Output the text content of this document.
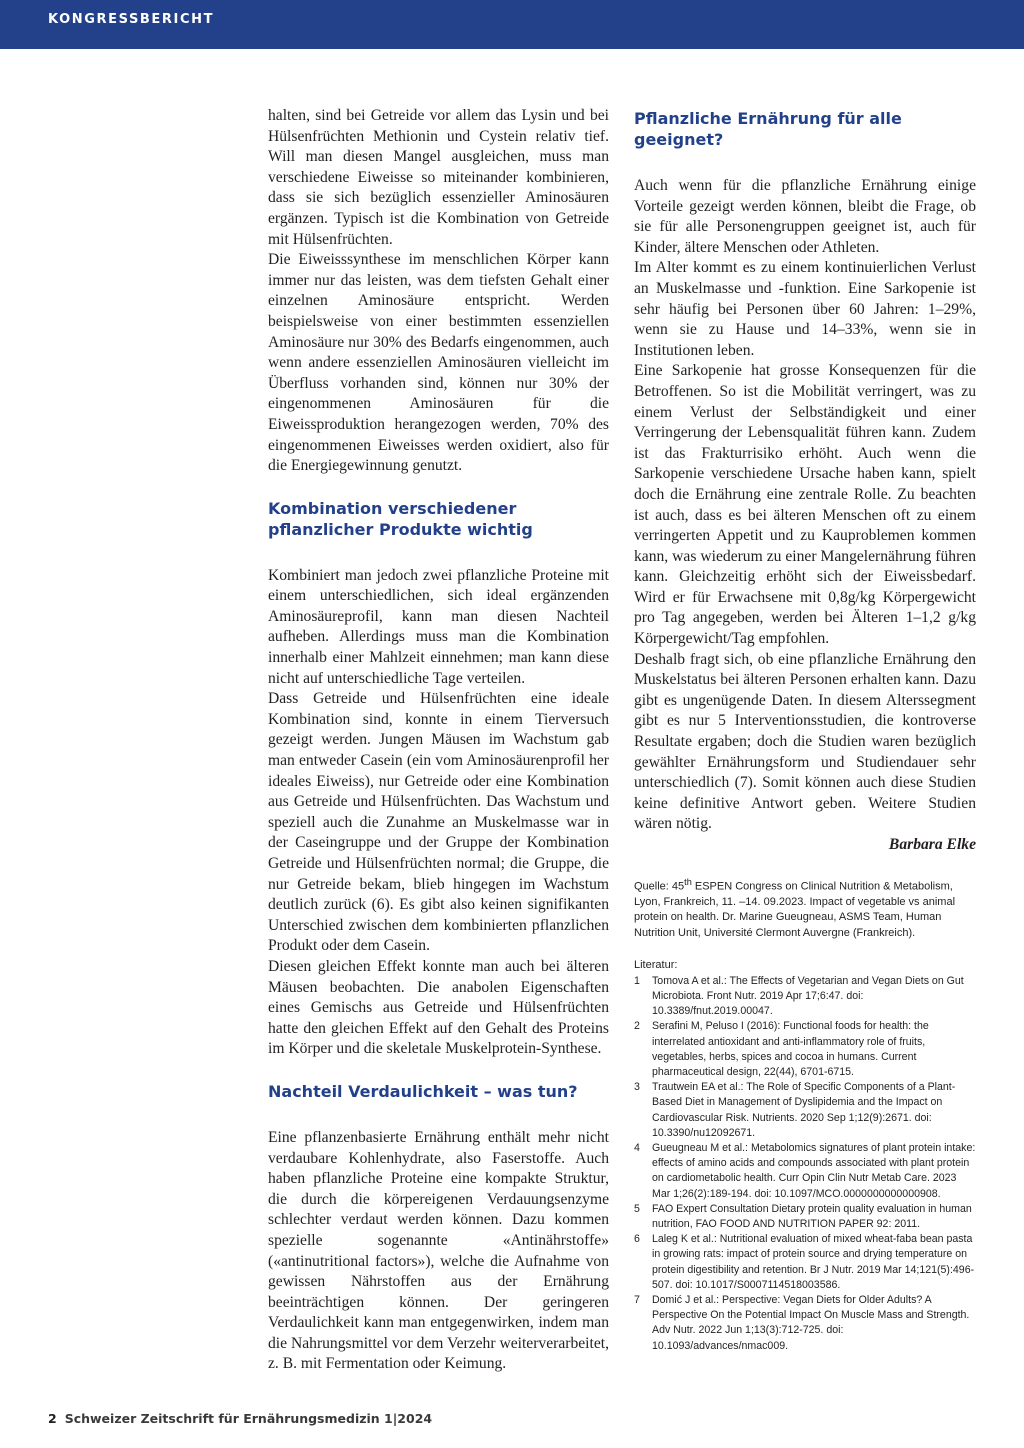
KONGRESSBERICHT

halten, sind bei Getreide vor allem das Lysin und bei Hülsenfrüchten Methionin und Cystein relativ tief. Will man diesen Mangel ausgleichen, muss man verschiedene Eiweisse so miteinander kombinieren, dass sie sich bezüglich essenzieller Aminosäuren ergänzen. Typisch ist die Kombination von Getreide mit Hülsenfrüchten.

Die Eiweisssynthese im menschlichen Körper kann immer nur das leisten, was dem tiefsten Gehalt einer einzelnen Aminosäure entspricht. Werden beispielsweise von einer bestimmten essenziellen Aminosäure nur 30% des Bedarfs eingenommen, auch wenn andere essenziellen Aminosäuren vielleicht im Überfluss vorhanden sind, können nur 30% der eingenommenen Aminosäuren für die Eiweissproduktion herangezogen werden, 70% des eingenommenen Eiweisses werden oxidiert, also für die Energiegewinnung genutzt.

Kombination verschiedener pflanzlicher Produkte wichtig

Kombiniert man jedoch zwei pflanzliche Proteine mit einem unterschiedlichen, sich ideal ergänzenden Aminosäureprofil, kann man diesen Nachteil aufheben. Allerdings muss man die Kombination innerhalb einer Mahlzeit einnehmen; man kann diese nicht auf unterschiedliche Tage verteilen.

Dass Getreide und Hülsenfrüchten eine ideale Kombination sind, konnte in einem Tierversuch gezeigt werden. Jungen Mäusen im Wachstum gab man entweder Casein (ein vom Aminosäurenprofil her ideales Eiweiss), nur Getreide oder eine Kombination aus Getreide und Hülsenfrüchten. Das Wachstum und speziell auch die Zunahme an Muskelmasse war in der Caseingruppe und der Gruppe der Kombination Getreide und Hülsenfrüchten normal; die Gruppe, die nur Getreide bekam, blieb hingegen im Wachstum deutlich zurück (6). Es gibt also keinen signifikanten Unterschied zwischen dem kombinierten pflanzlichen Produkt oder dem Casein.

Diesen gleichen Effekt konnte man auch bei älteren Mäusen beobachten. Die anabolen Eigenschaften eines Gemischs aus Getreide und Hülsenfrüchten hatte den gleichen Effekt auf den Gehalt des Proteins im Körper und die skeletale Muskelprotein-Synthese.

Nachteil Verdaulichkeit – was tun?

Eine pflanzenbasierte Ernährung enthält mehr nicht verdaubare Kohlenhydrate, also Faserstoffe. Auch haben pflanzliche Proteine eine kompakte Struktur, die durch die körpereigenen Verdauungsenzyme schlechter verdaut werden können. Dazu kommen spezielle sogenannte «Antinährstoffe» («antinutritional factors»), welche die Aufnahme von gewissen Nährstoffen aus der Ernährung beeinträchtigen können. Der geringeren Verdaulichkeit kann man entgegenwirken, indem man die Nahrungsmittel vor dem Verzehr weiterverarbeitet, z. B. mit Fermentation oder Keimung.

Pflanzliche Ernährung für alle geeignet?

Auch wenn für die pflanzliche Ernährung einige Vorteile gezeigt werden können, bleibt die Frage, ob sie für alle Personengruppen geeignet ist, auch für Kinder, ältere Menschen oder Athleten.

Im Alter kommt es zu einem kontinuierlichen Verlust an Muskelmasse und -funktion. Eine Sarkopenie ist sehr häufig bei Personen über 60 Jahren: 1–29%, wenn sie zu Hause und 14–33%, wenn sie in Institutionen leben.

Eine Sarkopenie hat grosse Konsequenzen für die Betroffenen. So ist die Mobilität verringert, was zu einem Verlust der Selbständigkeit und einer Verringerung der Lebensqualität führen kann. Zudem ist das Frakturrisiko erhöht. Auch wenn die Sarkopenie verschiedene Ursache haben kann, spielt doch die Ernährung eine zentrale Rolle. Zu beachten ist auch, dass es bei älteren Menschen oft zu einem verringerten Appetit und zu Kauproblemen kommen kann, was wiederum zu einer Mangelernährung führen kann. Gleichzeitig erhöht sich der Eiweissbedarf. Wird er für Erwachsene mit 0,8g/kg Körpergewicht pro Tag angegeben, werden bei Älteren 1–1,2 g/kg Körpergewicht/Tag empfohlen.

Deshalb fragt sich, ob eine pflanzliche Ernährung den Muskelstatus bei älteren Personen erhalten kann. Dazu gibt es ungenügende Daten. In diesem Alterssegment gibt es nur 5 Interventionsstudien, die kontroverse Resultate ergaben; doch die Studien waren bezüglich gewählter Ernährungsform und Studiendauer sehr unterschiedlich (7). Somit können auch diese Studien keine definitive Antwort geben. Weitere Studien wären nötig.

Barbara Elke

Quelle: 45th ESPEN Congress on Clinical Nutrition & Metabolism, Lyon, Frankreich, 11. –14. 09.2023. Impact of vegetable vs animal protein on health. Dr. Marine Gueugneau, ASMS Team, Human Nutrition Unit, Université Clermont Auvergne (Frankreich).
Literatur:
1	Tomova A et al.: The Effects of Vegetarian and Vegan Diets on Gut Microbiota. Front Nutr. 2019 Apr 17;6:47. doi: 10.3389/fnut.2019.00047.
2	Serafini M, Peluso I (2016): Functional foods for health: the interrelated antioxidant and anti-inflammatory role of fruits, vegetables, herbs, spices and cocoa in humans. Current pharmaceutical design, 22(44), 6701-6715.
3	Trautwein EA et al.: The Role of Specific Components of a Plant-Based Diet in Management of Dyslipidemia and the Impact on Cardiovascular Risk. Nutrients. 2020 Sep 1;12(9):2671. doi: 10.3390/nu12092671.
4	Gueugneau M et al.: Metabolomics signatures of plant protein intake: effects of amino acids and compounds associated with plant protein on cardiometabolic health. Curr Opin Clin Nutr Metab Care. 2023 Mar 1;26(2):189-194. doi: 10.1097/MCO.0000000000000908.
5	FAO Expert Consultation Dietary protein quality evaluation in human nutrition, FAO FOOD AND NUTRITION PAPER 92: 2011.
6	Laleg K et al.: Nutritional evaluation of mixed wheat-faba bean pasta in growing rats: impact of protein source and drying temperature on protein digestibility and retention. Br J Nutr. 2019 Mar 14;121(5):496-507. doi: 10.1017/S0007114518003586.
7	Domić J et al.: Perspective: Vegan Diets for Older Adults? A Perspective On the Potential Impact On Muscle Mass and Strength. Adv Nutr. 2022 Jun 1;13(3):712-725. doi: 10.1093/advances/nmac009.
2 Schweizer Zeitschrift für Ernährungsmedizin 1|2024
